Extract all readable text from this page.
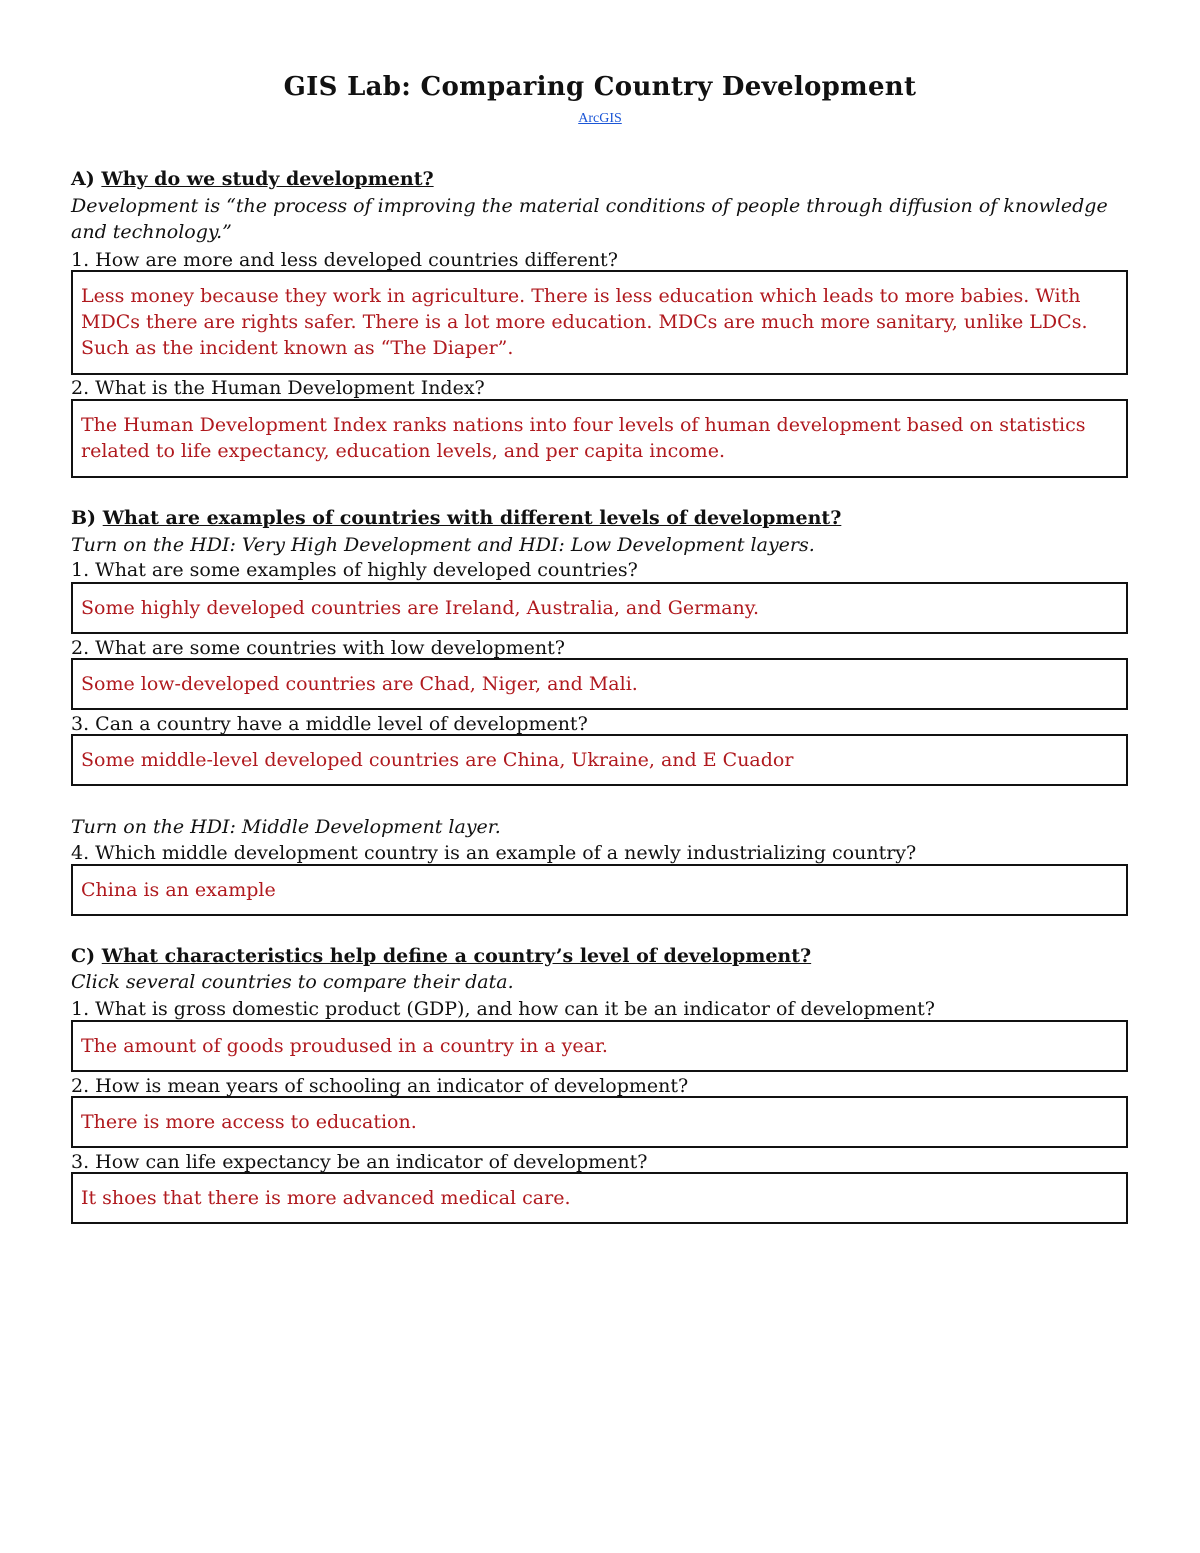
GIS Lab: Comparing Country Development
ArcGIS
A) Why do we study development?
Development is “the process of improving the material conditions of people through diffusion of knowledge and technology.”
1. How are more and less developed countries different?
Less money because they work in agriculture. There is less education which leads to more babies. With MDCs there are rights safer. There is a lot more education. MDCs are much more sanitary, unlike LDCs. Such as the incident known as “The Diaper”.
2. What is the Human Development Index?
The Human Development Index ranks nations into four levels of human development based on statistics related to life expectancy, education levels, and per capita income.
B) What are examples of countries with different levels of development?
Turn on the HDI: Very High Development and HDI: Low Development layers.
1. What are some examples of highly developed countries?
Some highly developed countries are Ireland, Australia, and Germany.
2. What are some countries with low development?
Some low-developed countries are Chad, Niger, and Mali.
3. Can a country have a middle level of development?
Some middle-level developed countries are China, Ukraine, and E Cuador
Turn on the HDI: Middle Development layer.
4. Which middle development country is an example of a newly industrializing country?
China is an example
C) What characteristics help define a country’s level of development?
Click several countries to compare their data.
1. What is gross domestic product (GDP), and how can it be an indicator of development?
The amount of goods proudused in a country in a year.
2. How is mean years of schooling an indicator of development?
There is more access to education.
3. How can life expectancy be an indicator of development?
It shoes that there is more advanced medical care.
